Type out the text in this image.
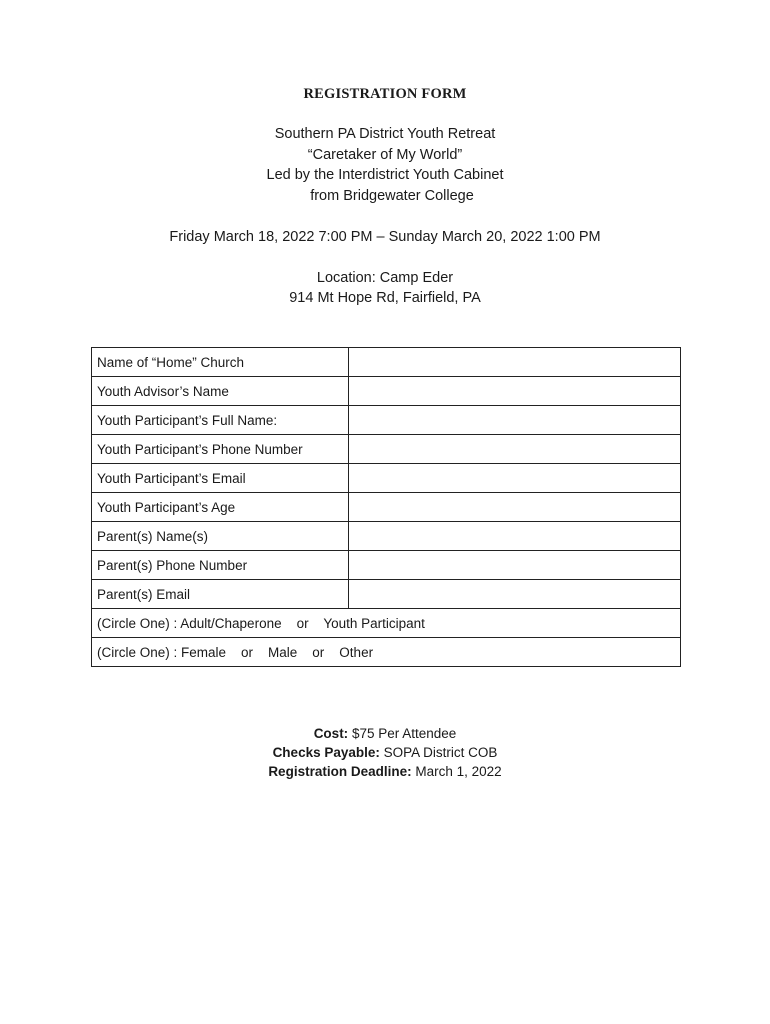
REGISTRATION FORM
Southern PA District Youth Retreat
“Caretaker of My World”
Led by the Interdistrict Youth Cabinet
from Bridgewater College
Friday March 18, 2022 7:00 PM – Sunday March 20, 2022 1:00 PM
Location: Camp Eder
914 Mt Hope Rd, Fairfield, PA
Name of “Home” Church	
Youth Advisor’s Name	
Youth Participant’s Full Name:	
Youth Participant’s Phone Number	
Youth Participant’s Email	
Youth Participant’s Age	
Parent(s) Name(s)	
Parent(s) Phone Number	
Parent(s) Email	
(Circle One) : Adult/Chaperone    or    Youth Participant	
(Circle One) : Female    or    Male    or    Other	
Cost: $75 Per Attendee
Checks Payable: SOPA District COB
Registration Deadline: March 1, 2022
